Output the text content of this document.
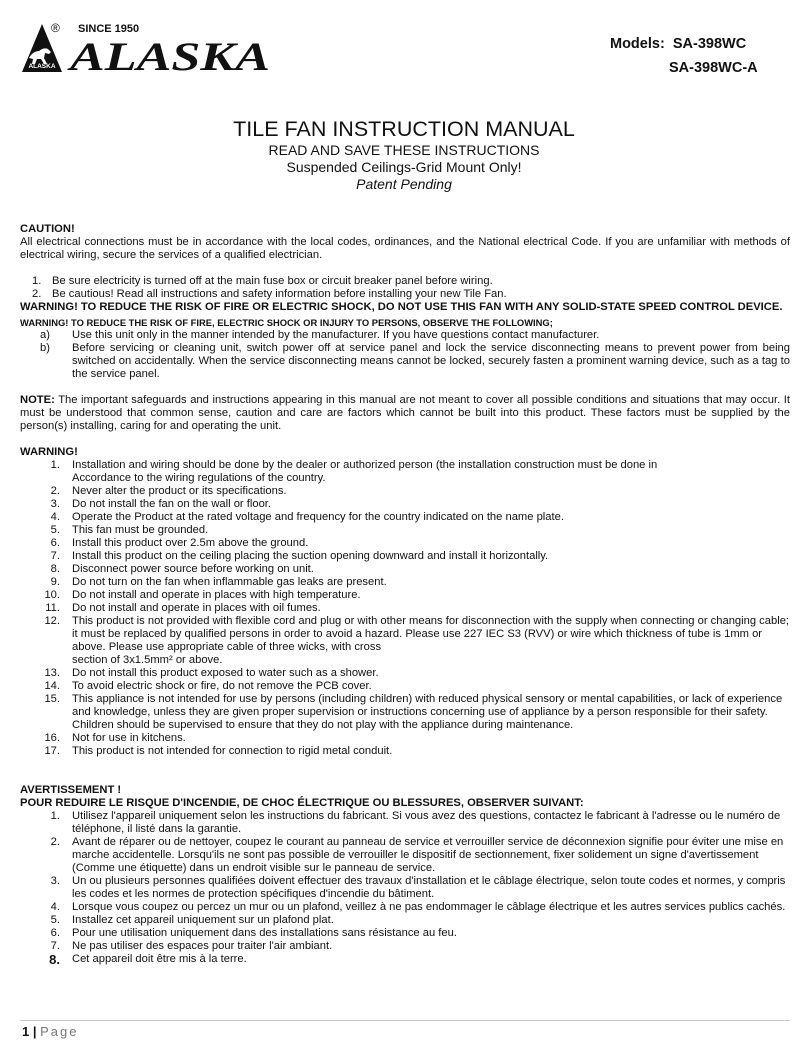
ALASKA
® SINCE 1950
ALASKA	Models: SA-398WC
SA-398WC-A
TILE FAN INSTRUCTION MANUAL
READ AND SAVE THESE INSTRUCTIONS
Suspended Ceilings-Grid Mount Only!
Patent Pending
CAUTION!

All electrical connections must be in accordance with the local codes, ordinances, and the National electrical Code. If you are unfamiliar with methods of electrical wiring, secure the services of a qualified electrician.

1. Be sure electricity is turned off at the main fuse box or circuit breaker panel before wiring.
2. Be cautious! Read all instructions and safety information before installing your new Tile Fan.

WARNING! TO REDUCE THE RISK OF FIRE OR ELECTRIC SHOCK, DO NOT USE THIS FAN WITH ANY SOLID-STATE SPEED CONTROL DEVICE.

WARNING! TO REDUCE THE RISK OF FIRE, ELECTRIC SHOCK OR INJURY TO PERSONS, OBSERVE THE FOLLOWING;
a) Use this unit only in the manner intended by the manufacturer. If you have questions contact manufacturer.
b) Before servicing or cleaning unit, switch power off at service panel and lock the service disconnecting means to prevent power from being switched on accidentally. When the service disconnecting means cannot be locked, securely fasten a prominent warning device, such as a tag to the service panel.

NOTE: The important safeguards and instructions appearing in this manual are not meant to cover all possible conditions and situations that may occur. It must be understood that common sense, caution and care are factors which cannot be built into this product. These factors must be supplied by the person(s) installing, caring for and operating the unit.

WARNING!
1. Installation and wiring should be done by the dealer or authorized person (the installation construction must be done in
Accordance to the wiring regulations of the country.
2. Never alter the product or its specifications.
3. Do not install the fan on the wall or floor.
4. Operate the Product at the rated voltage and frequency for the country indicated on the name plate.
5. This fan must be grounded.
6. Install this product over 2.5m above the ground.
7. Install this product on the ceiling placing the suction opening downward and install it horizontally.
8. Disconnect power source before working on unit.
9. Do not turn on the fan when inflammable gas leaks are present.
10. Do not install and operate in places with high temperature.
11. Do not install and operate in places with oil fumes.
12. This product is not provided with flexible cord and plug or with other means for disconnection with the supply when connecting or changing cable; it must be replaced by qualified persons in order to avoid a hazard. Please use 227 IEC S3 (RVV) or wire which thickness of tube is 1mm or above. Please use appropriate cable of three wicks, with cross
section of 3x1.5mm² or above.
13. Do not install this product exposed to water such as a shower.
14. To avoid electric shock or fire, do not remove the PCB cover.
15. This appliance is not intended for use by persons (including children) with reduced physical sensory or mental capabilities, or lack of experience and knowledge, unless they are given proper supervision or instructions concerning use of appliance by a person responsible for their safety. Children should be supervised to ensure that they do not play with the appliance during maintenance.
16. Not for use in kitchens.
17. This product is not intended for connection to rigid metal conduit.
AVERTISSEMENT !
POUR REDUIRE LE RISQUE D'INCENDIE, DE CHOC ÉLECTRIQUE OU BLESSURES, OBSERVER SUIVANT:
1. Utilisez l'appareil uniquement selon les instructions du fabricant. Si vous avez des questions, contactez le fabricant à l'adresse ou le numéro de téléphone, il listé dans la garantie.
2. Avant de réparer ou de nettoyer, coupez le courant au panneau de service et verrouiller service de déconnexion signifie pour éviter une mise en marche accidentelle. Lorsqu'ils ne sont pas possible de verrouiller le dispositif de sectionnement, fixer solidement un signe d'avertissement (Comme une étiquette) dans un endroit visible sur le panneau de service.
3. Un ou plusieurs personnes qualifiées doivent effectuer des travaux d'installation et le câblage électrique, selon toute codes et normes, y compris les codes et les normes de protection spécifiques d'incendie du bâtiment.
4. Lorsque vous coupez ou percez un mur ou un plafond, veillez à ne pas endommager le câblage électrique et les autres services publics cachés.
5. Installez cet appareil uniquement sur un plafond plat.
6. Pour une utilisation uniquement dans des installations sans résistance au feu.
7. Ne pas utiliser des espaces pour traiter l'air ambiant.
8. Cet appareil doit être mis à la terre.
1 | Page
